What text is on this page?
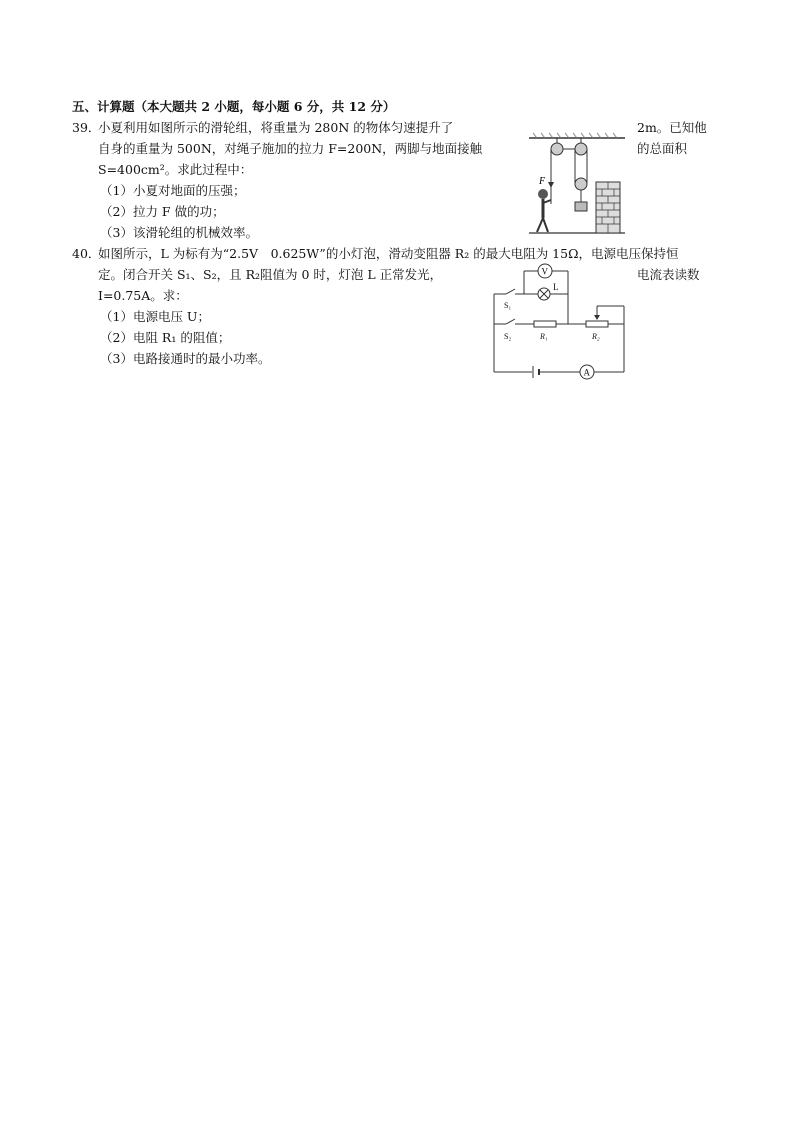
五、计算题（本大题共 2 小题，每小题 6 分，共 12 分）
39．
小夏利用如图所示的滑轮组，将重量为 280N 的物体匀速提升了	2m。已知他
自身的重量为 500N，对绳子施加的拉力 F=200N，两脚与地面接触	的总面积
S=400cm²。求此过程中：
（1）小夏对地面的压强；
（2）拉力 F 做的功；
（3）该滑轮组的机械效率。
F
40．
如图所示，L 为标有为“2.5V　0.625W”的小灯泡，滑动变阻器 R₂ 的最大电阻为 15Ω，电源电压保持恒
定。闭合开关 S₁、S₂，且 R₂阻值为 0 时，灯泡 L 正常发光，	电流表读数
I=0.75A。求：
（1）电源电压 U；
（2）电阻 R₁ 的阻值；
（3）电路接通时的最小功率。
V
L
A
S₁
S₂	R₁	R₂
